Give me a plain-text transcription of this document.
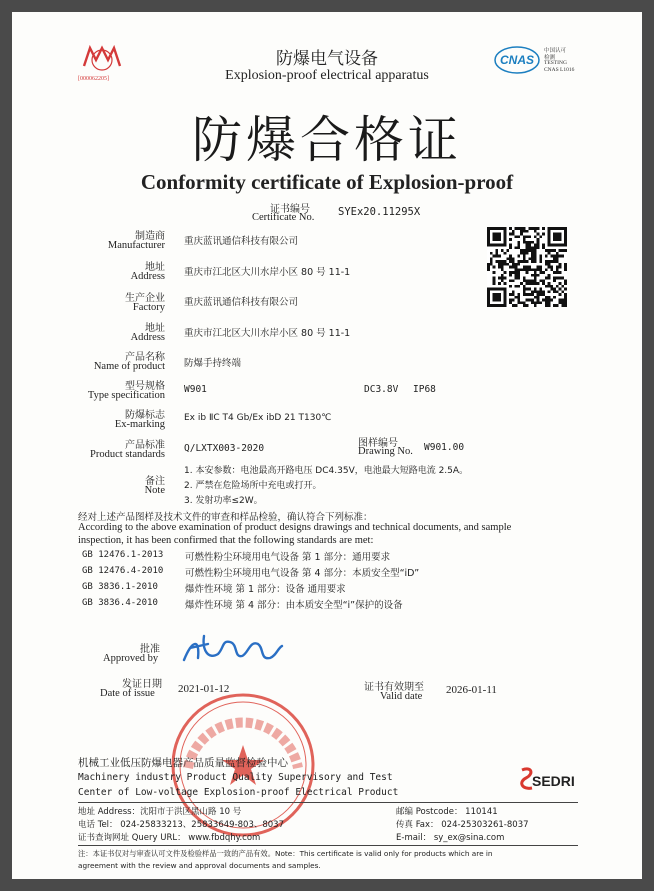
[000062205]
CNAS
中国认可
检测
TESTING
CNAS L1016
防爆电气设备
Explosion-proof electrical apparatus
防爆合格证
Conformity certificate of Explosion-proof
证书编号
Certificate No. SYEx20.11295X
制造商
Manufacturer 重庆蓝讯通信科技有限公司
地址
Address 重庆市江北区大川水岸小区 80 号 11-1
生产企业
Factory 重庆蓝讯通信科技有限公司
地址
Address 重庆市江北区大川水岸小区 80 号 11-1
产品名称
Name of product 防爆手持终端
型号规格
Type specification
W901	DC3.8V IP68
防爆标志
Ex-marking
Ex ib ⅡC T4 Gb/Ex ibD 21 T130℃
产品标准
Product standards
Q/LXTX003-2020	图样编号
Drawing No. W901.00
备注
Note
1. 本安参数：电池最高开路电压 DC4.35V，电池最大短路电流 2.5A。
2. 严禁在危险场所中充电或打开。
3. 发射功率≤2W。
经对上述产品图样及技术文件的审查和样品检验，确认符合下列标准：
According to the above examination of product designs drawings and technical documents, and sample
inspection, it has been confirmed that the following standards are met:
GB 12476.1-2013 可燃性粉尘环境用电气设备 第 1 部分：通用要求
GB 12476.4-2010 可燃性粉尘环境用电气设备 第 4 部分：本质安全型“iD”
GB 3836.1-2010	爆炸性环境 第 1 部分：设备 通用要求
GB 3836.4-2010	爆炸性环境 第 4 部分：由本质安全型“i”保护的设备
批准
Approved by
发证日期
Date of issue 2021-01-12	证书有效期至
Valid date
2026-01-11
机械工业低压防爆电器产品质量监督检验中心
Machinery industry Product Quality Supervisory and Test
Center of Low-voltage Explosion-proof Electrical Product
SEDRI
地址 Address：沈阳市于洪区黑山路 10 号	邮编 Postcode： 110141
电话 Tel： 024-25833213、25833649-803、8037	传真 Fax： 024-25303261-8037
证书查询网址 Query URL： www.fbdqhy.com	E-mail： sy_ex@sina.com
注：本证书仅对与审查认可文件及检验样品一致的产品有效。Note：This certificate is valid only for products which are in
agreement with the review and approval documents and samples.
